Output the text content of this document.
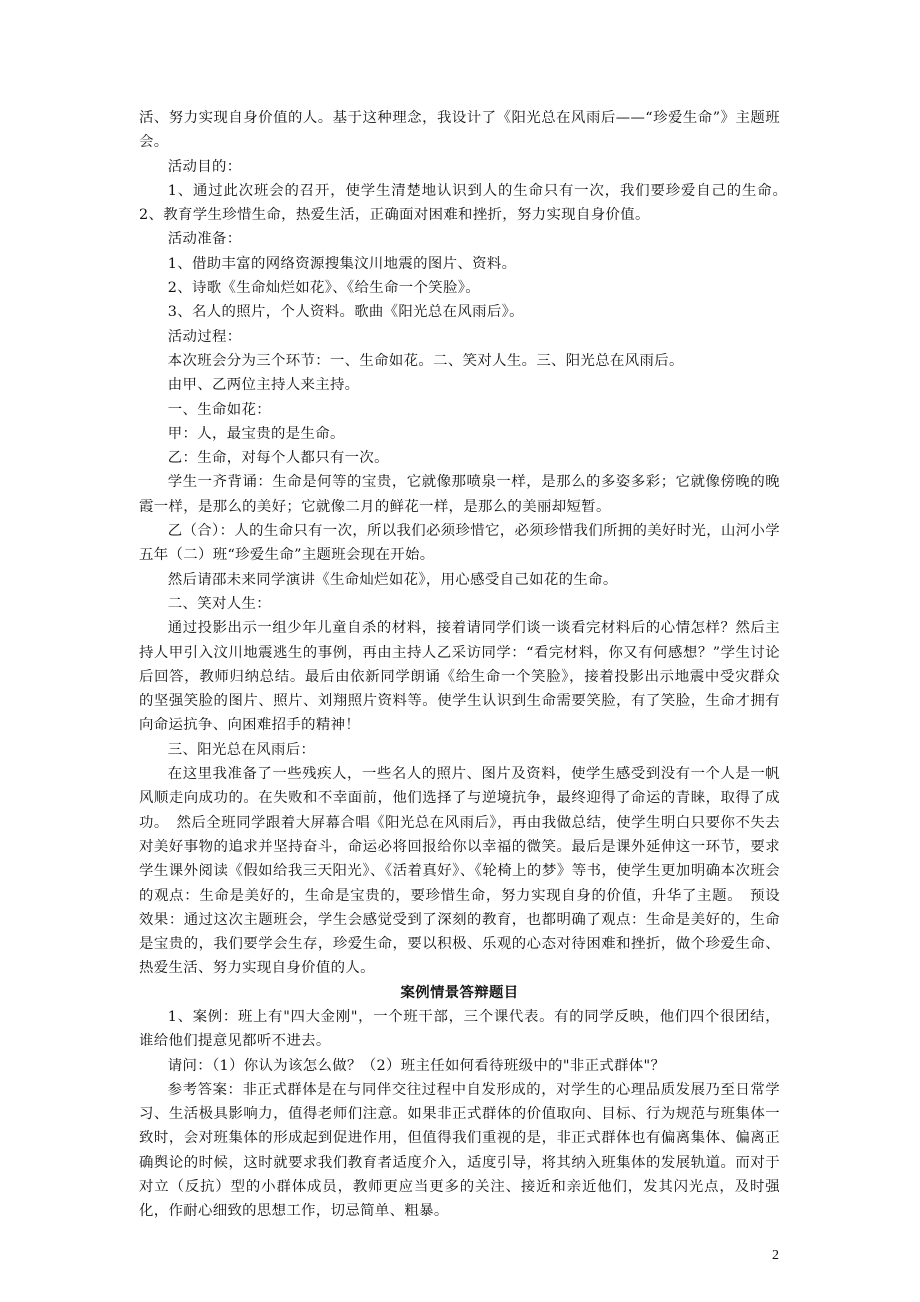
活、努力实现自身价值的人。基于这种理念，我设计了《阳光总在风雨后——“珍爱生命”》主题班会。

活动目的：

1、通过此次班会的召开，使学生清楚地认识到人的生命只有一次，我们要珍爱自己的生命。　2、教育学生珍惜生命，热爱生活，正确面对困难和挫折，努力实现自身价值。

活动准备：

1、借助丰富的网络资源搜集汶川地震的图片、资料。

2、诗歌《生命灿烂如花》、《给生命一个笑脸》。

3、名人的照片，个人资料。歌曲《阳光总在风雨后》。

活动过程：

本次班会分为三个环节：一、生命如花。二、笑对人生。三、阳光总在风雨后。

由甲、乙两位主持人来主持。

一、生命如花：

甲：人，最宝贵的是生命。

乙：生命，对每个人都只有一次。

学生一齐背诵：生命是何等的宝贵，它就像那喷泉一样，是那么的多姿多彩；它就像傍晚的晚霞一样，是那么的美好；它就像二月的鲜花一样，是那么的美丽却短暂。

乙（合）：人的生命只有一次，所以我们必须珍惜它，必须珍惜我们所拥的美好时光，山河小学五年（二）班“珍爱生命”主题班会现在开始。

然后请邵未来同学演讲《生命灿烂如花》，用心感受自己如花的生命。

二、笑对人生：

通过投影出示一组少年儿童自杀的材料，接着请同学们谈一谈看完材料后的心情怎样？然后主持人甲引入汶川地震逃生的事例，再由主持人乙采访同学：“看完材料，你又有何感想？”学生讨论后回答，教师归纳总结。最后由依新同学朗诵《给生命一个笑脸》，接着投影出示地震中受灾群众的坚强笑脸的图片、照片、刘翔照片资料等。使学生认识到生命需要笑脸，有了笑脸，生命才拥有向命运抗争、向困难招手的精神！

三、阳光总在风雨后：

在这里我准备了一些残疾人，一些名人的照片、图片及资料，使学生感受到没有一个人是一帆风顺走向成功的。在失败和不幸面前，他们选择了与逆境抗争，最终迎得了命运的青睐，取得了成功。　然后全班同学跟着大屏幕合唱《阳光总在风雨后》，再由我做总结，使学生明白只要你不失去对美好事物的追求并坚持奋斗，命运必将回报给你以幸福的微笑。最后是课外延伸这一环节，要求学生课外阅读《假如给我三天阳光》、《活着真好》、《轮椅上的梦》等书，使学生更加明确本次班会的观点：生命是美好的，生命是宝贵的，要珍惜生命，努力实现自身的价值，升华了主题。　预设效果：通过这次主题班会，学生会感觉受到了深刻的教育，也都明确了观点：生命是美好的，生命是宝贵的，我们要学会生存，珍爱生命，要以积极、乐观的心态对待困难和挫折，做个珍爱生命、热爱生活、努力实现自身价值的人。

案例情景答辩题目

1、案例：班上有"四大金刚"，一个班干部，三个课代表。有的同学反映，他们四个很团结，谁给他们提意见都听不进去。

请问：（1）你认为该怎么做？（2）班主任如何看待班级中的"非正式群体"？

参考答案：非正式群体是在与同伴交往过程中自发形成的，对学生的心理品质发展乃至日常学习、生活极具影响力，值得老师们注意。如果非正式群体的价值取向、目标、行为规范与班集体一致时，会对班集体的形成起到促进作用，但值得我们重视的是，非正式群体也有偏离集体、偏离正确舆论的时候，这时就要求我们教育者适度介入，适度引导，将其纳入班集体的发展轨道。而对于对立（反抗）型的小群体成员，教师更应当更多的关注、接近和亲近他们，发其闪光点，及时强化，作耐心细致的思想工作，切忌简单、粗暴。

2
